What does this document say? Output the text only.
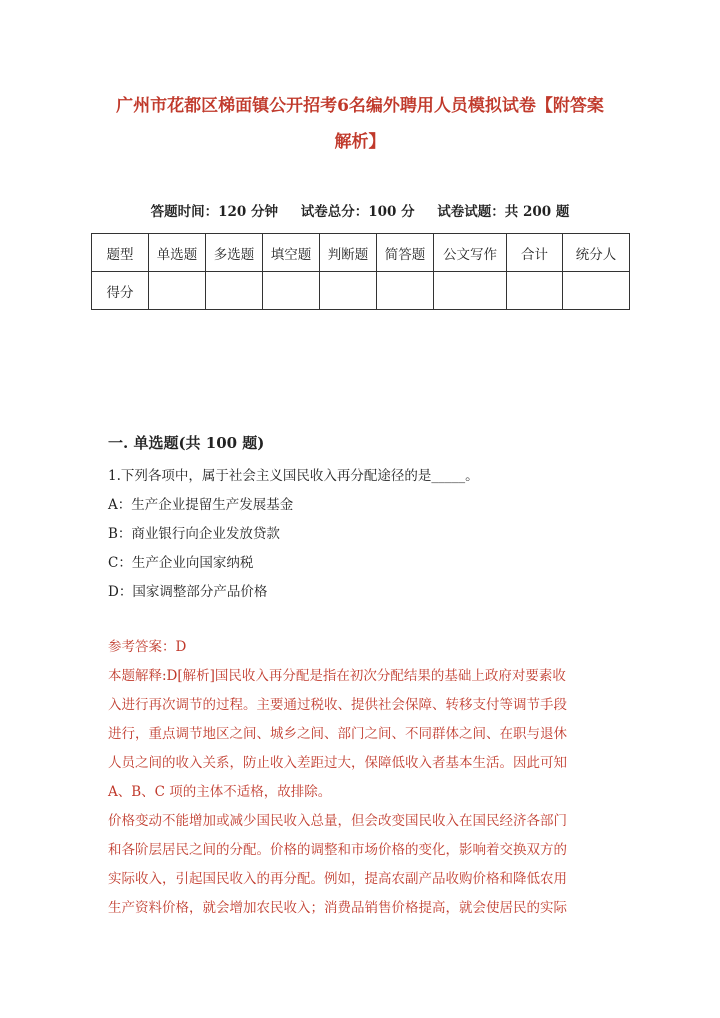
广州市花都区梯面镇公开招考6名编外聘用人员模拟试卷【附答案
解析】
答题时间：120 分钟 试卷总分：100 分 试卷试题：共 200 题
题型	单选题	多选题	填空题	判断题	简答题	公文写作	合计	统分人
得分								
一. 单选题(共 100 题)
1.下列各项中，属于社会主义国民收入再分配途径的是_____。
A：生产企业提留生产发展基金
B：商业银行向企业发放贷款
C：生产企业向国家纳税
D：国家调整部分产品价格
参考答案：D
本题解释:D[解析]国民收入再分配是指在初次分配结果的基础上政府对要素收
入进行再次调节的过程。主要通过税收、提供社会保障、转移支付等调节手段
进行，重点调节地区之间、城乡之间、部门之间、不同群体之间、在职与退休
人员之间的收入关系，防止收入差距过大，保障低收入者基本生活。因此可知
A、B、C 项的主体不适格，故排除。
价格变动不能增加或减少国民收入总量，但会改变国民收入在国民经济各部门
和各阶层居民之间的分配。价格的调整和市场价格的变化，影响着交换双方的
实际收入，引起国民收入的再分配。例如，提高农副产品收购价格和降低农用
生产资料价格，就会增加农民收入；消费品销售价格提高，就会使居民的实际
